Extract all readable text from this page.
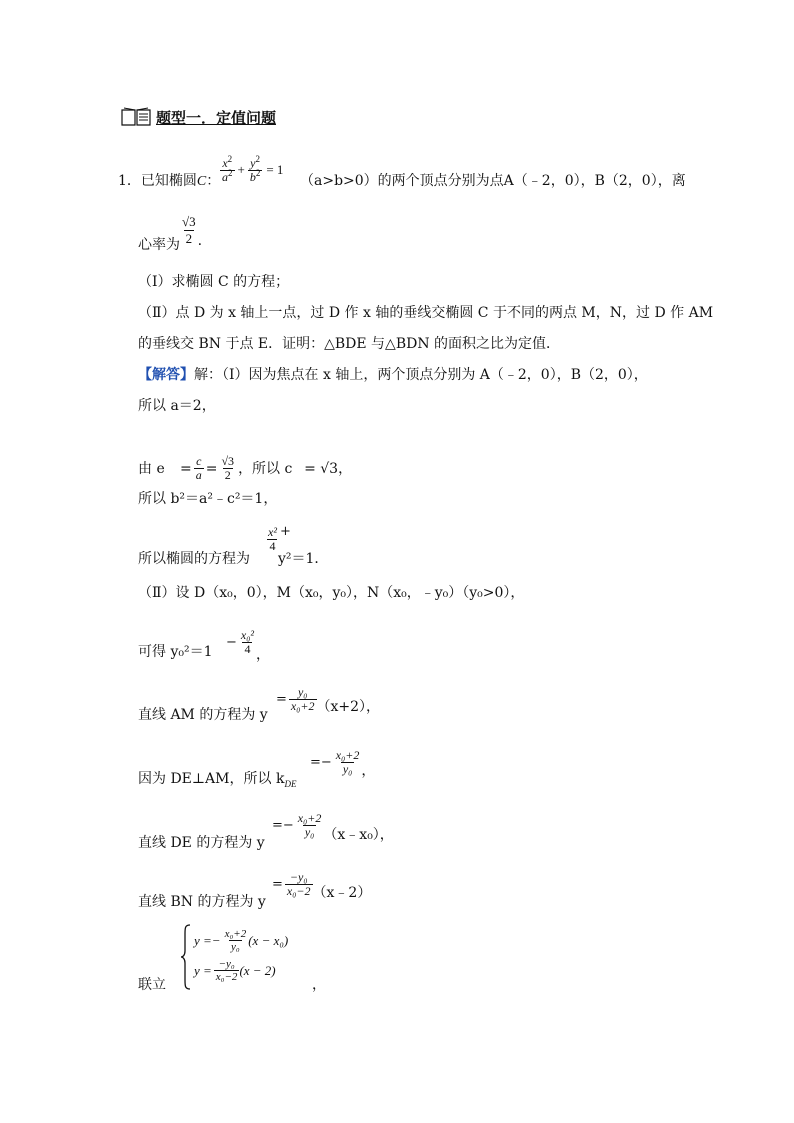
题型一．定值问题
1．已知椭圆C： $\frac{x^2}{a^2} + \frac{y^2}{b^2} = 1$
（a>b>0）的两个顶点分别为点A（﹣2，0），B（2，0），离
心率为 $\frac{√3}{2}$ .
（Ⅰ）求椭圆 C 的方程；
（Ⅱ）点 D 为 x 轴上一点，过 D 作 x 轴的垂线交椭圆 C 于不同的两点 M，N，过 D 作 AM
的垂线交 BN 于点 E．证明：△BDE 与△BDN 的面积之比为定值．
【解答】解：（Ⅰ）因为焦点在 x 轴上，两个顶点分别为 A（﹣2，0），B（2，0），
所以 a＝2，
由 e	= $\frac{c}{a} = \frac{√3}{2}$ ，所以 c = √3 ，
所以 b²＝a²﹣c²＝1，
所以椭圆的方程为
$\frac{\text{x²}}{4}$ +
y²＝1．
（Ⅱ）设 D（x₀，0），M（x₀，y₀），N（x₀，﹣y₀）（y₀>0），
可得 y₀²＝1
− $\frac{\text{x₀²}}{4}$ ，
直线 AM 的方程为 y
= $\frac{\text{y₀}}{\text{x₀+2}} (x+2)$，
因为 DE⊥AM，所以 $k_{DE}$
=− $\frac{\text{x₀+2}}{\text{y₀}}$ ，
直线 DE 的方程为 y
=− $\frac{\text{x₀+2}}{\text{y₀}}$ （x﹣x₀），
直线 BN 的方程为 y
= $\frac{\text{−y₀}}{\text{x₀−2}}$ （x﹣2）
联立
$y =- \frac{\text{x₀+2}}{\text{y₀}} (x - x_0)$
$y = \frac{\text{−y₀}}{\text{x₀−2}} (x - 2)$
，
